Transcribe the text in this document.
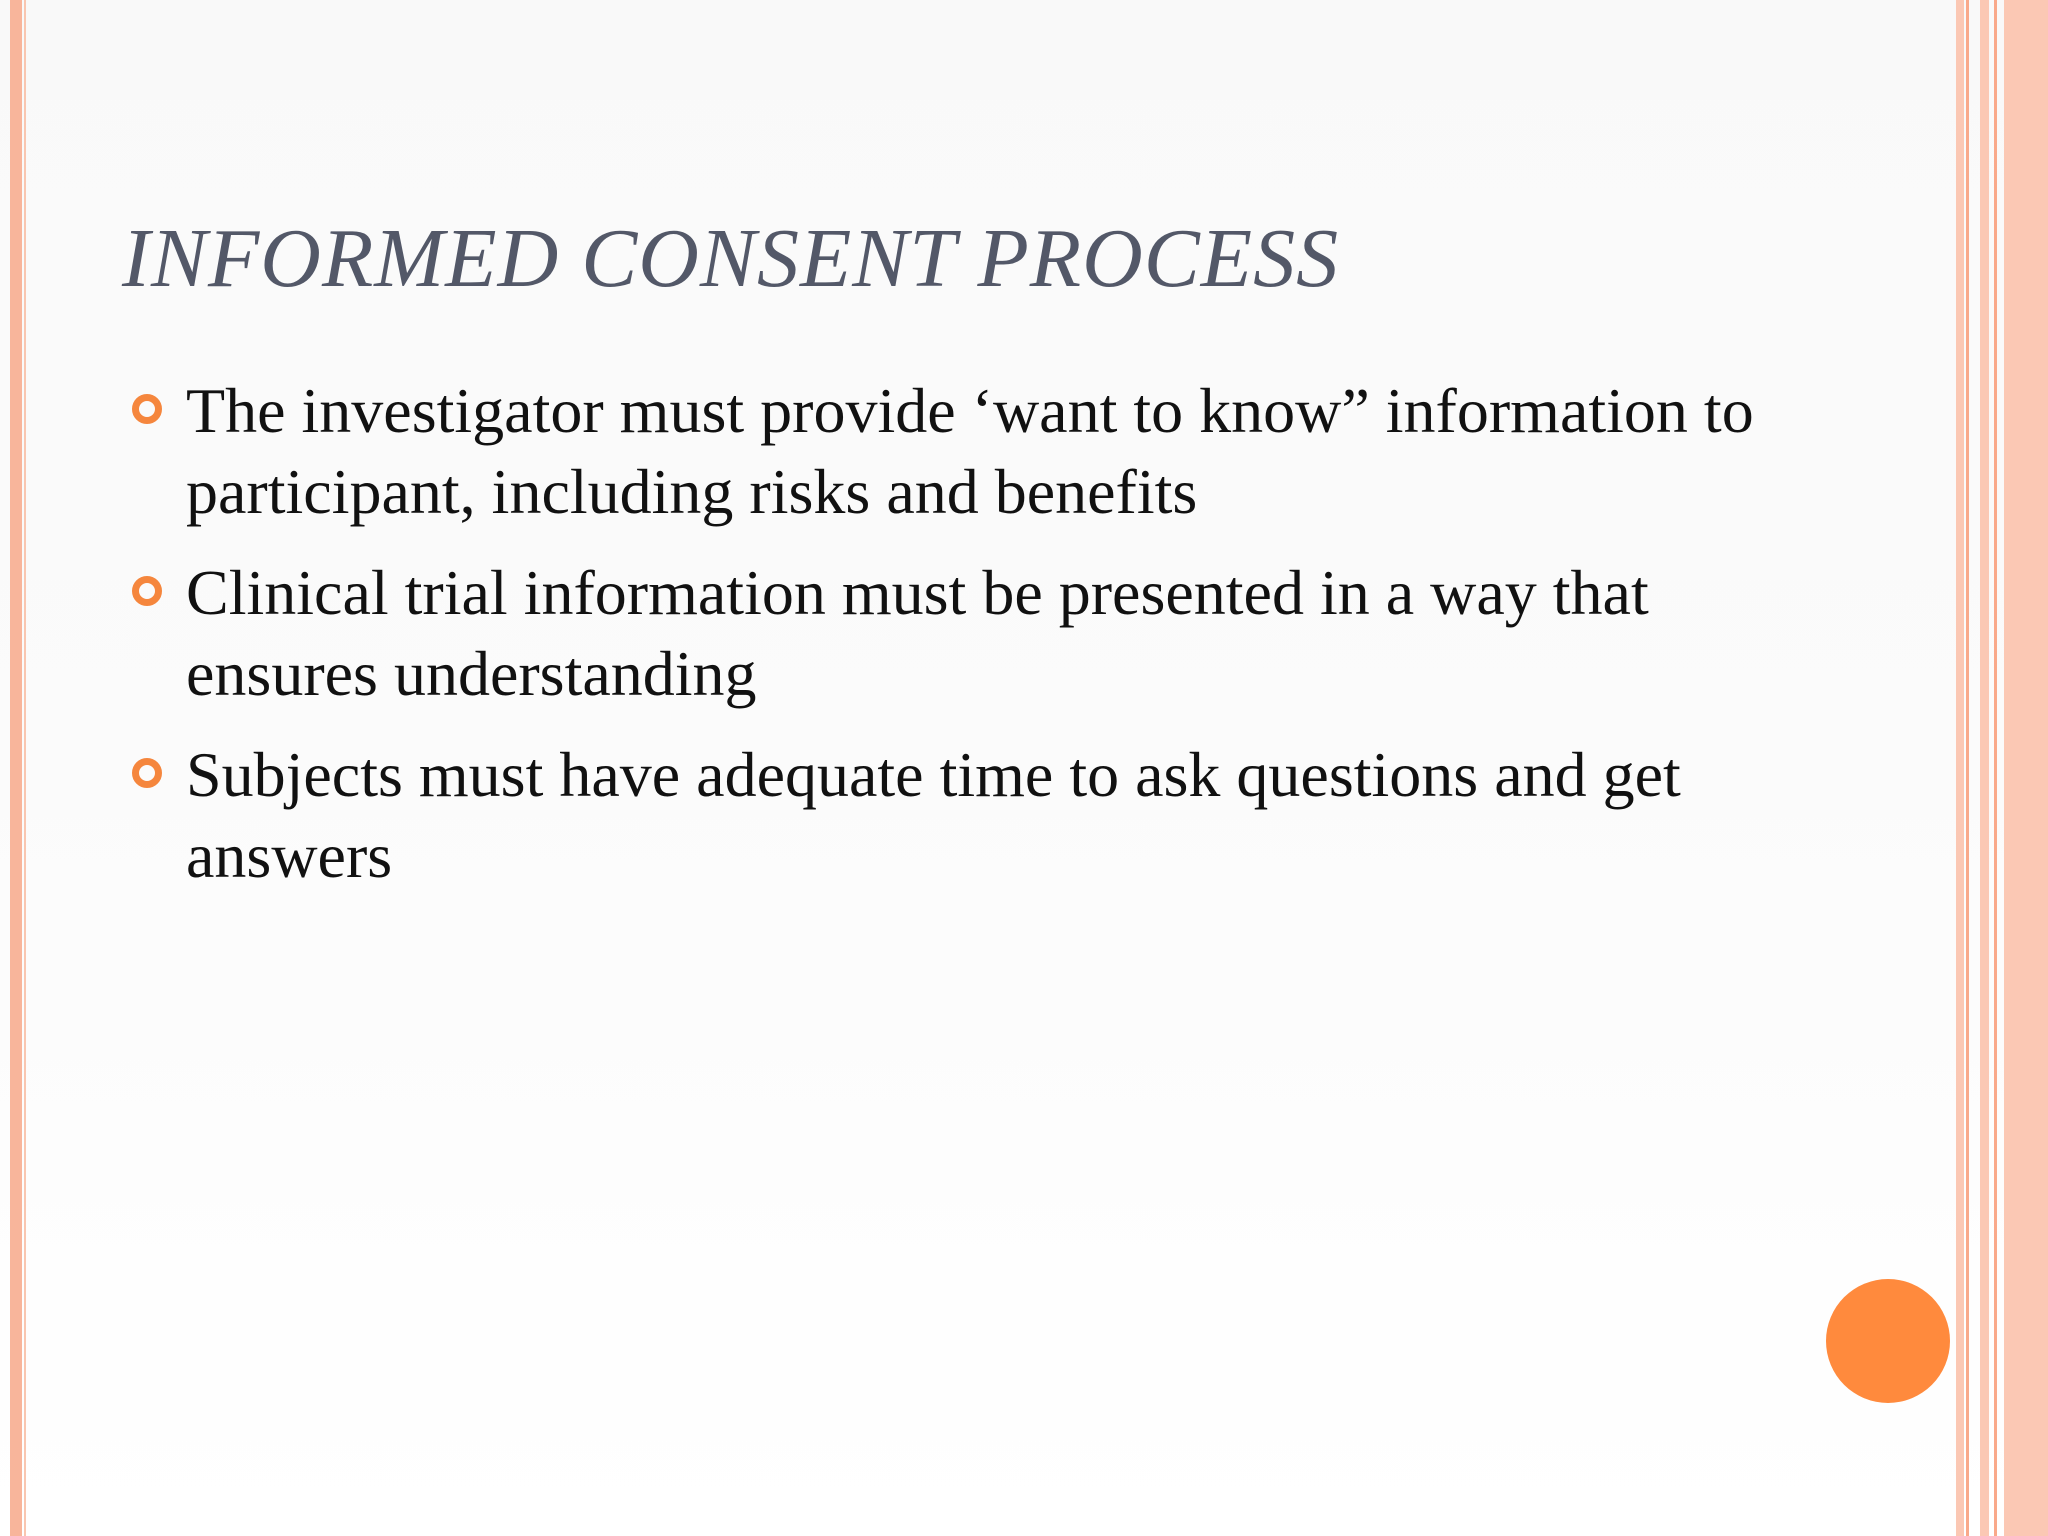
INFORMED CONSENT PROCESS
The investigator must provide ‘want to know” information to participant, including risks and benefits
Clinical trial information must be presented in a way that ensures understanding
Subjects must have adequate time to ask questions and get answers
